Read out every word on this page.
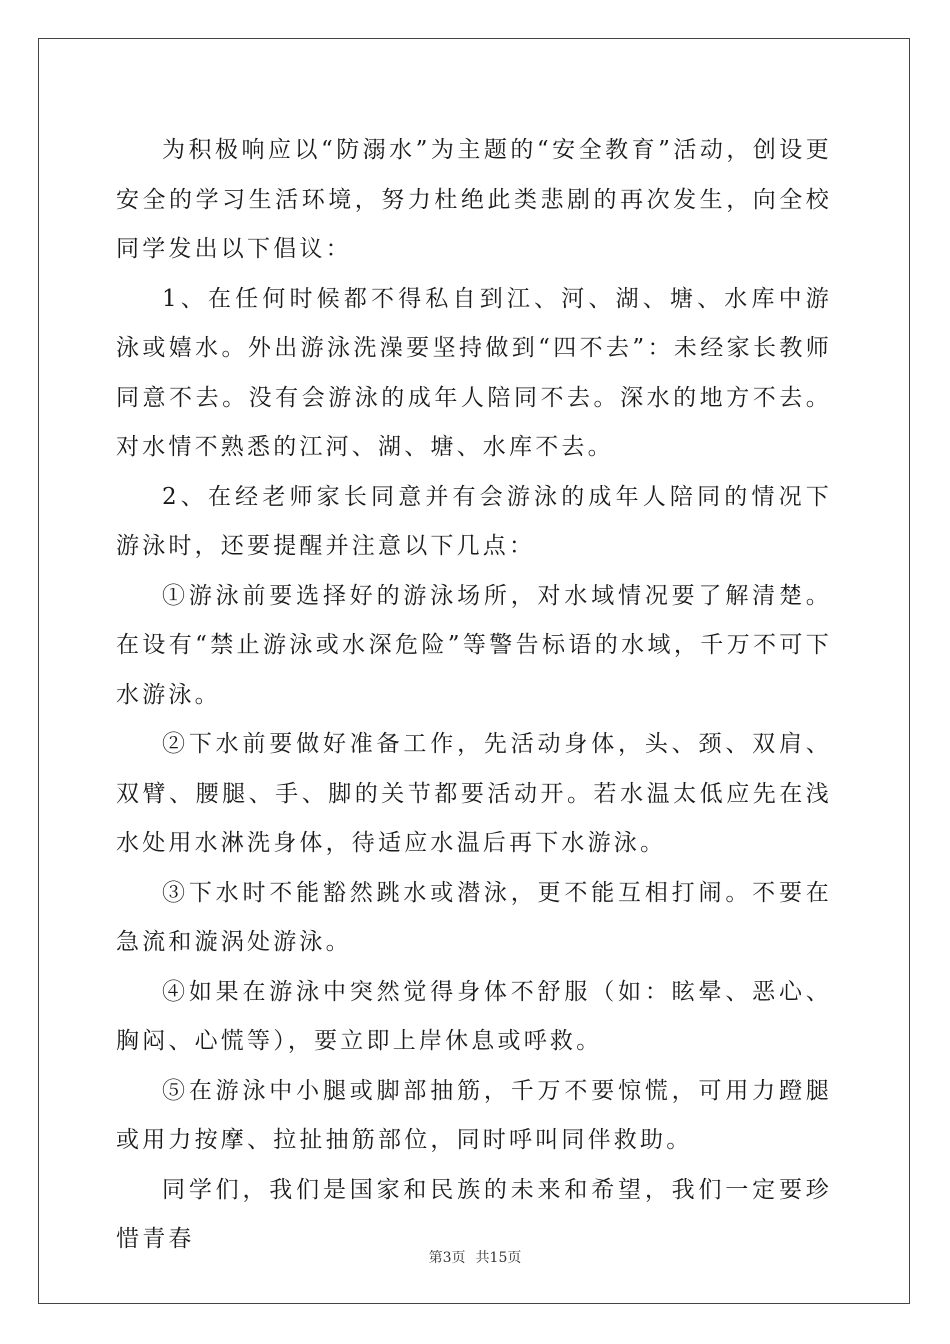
为积极响应以“防溺水”为主题的“安全教育”活动，创设更安全的学习生活环境，努力杜绝此类悲剧的再次发生，向全校同学发出以下倡议：

1、在任何时候都不得私自到江、河、湖、塘、水库中游泳或嬉水。外出游泳洗澡要坚持做到“四不去”：未经家长教师同意不去。没有会游泳的成年人陪同不去。深水的地方不去。对水情不熟悉的江河、湖、塘、水库不去。

2、在经老师家长同意并有会游泳的成年人陪同的情况下游泳时，还要提醒并注意以下几点：

①游泳前要选择好的游泳场所，对水域情况要了解清楚。在设有“禁止游泳或水深危险”等警告标语的水域，千万不可下水游泳。

②下水前要做好准备工作，先活动身体，头、颈、双肩、双臂、腰腿、手、脚的关节都要活动开。若水温太低应先在浅水处用水淋洗身体，待适应水温后再下水游泳。

③下水时不能豁然跳水或潜泳，更不能互相打闹。不要在急流和漩涡处游泳。

④如果在游泳中突然觉得身体不舒服（如：眩晕、恶心、胸闷、心慌等），要立即上岸休息或呼救。

⑤在游泳中小腿或脚部抽筋，千万不要惊慌，可用力蹬腿或用力按摩、拉扯抽筋部位，同时呼叫同伴救助。

同学们，我们是国家和民族的未来和希望，我们一定要珍惜青春

第3页 共15页
